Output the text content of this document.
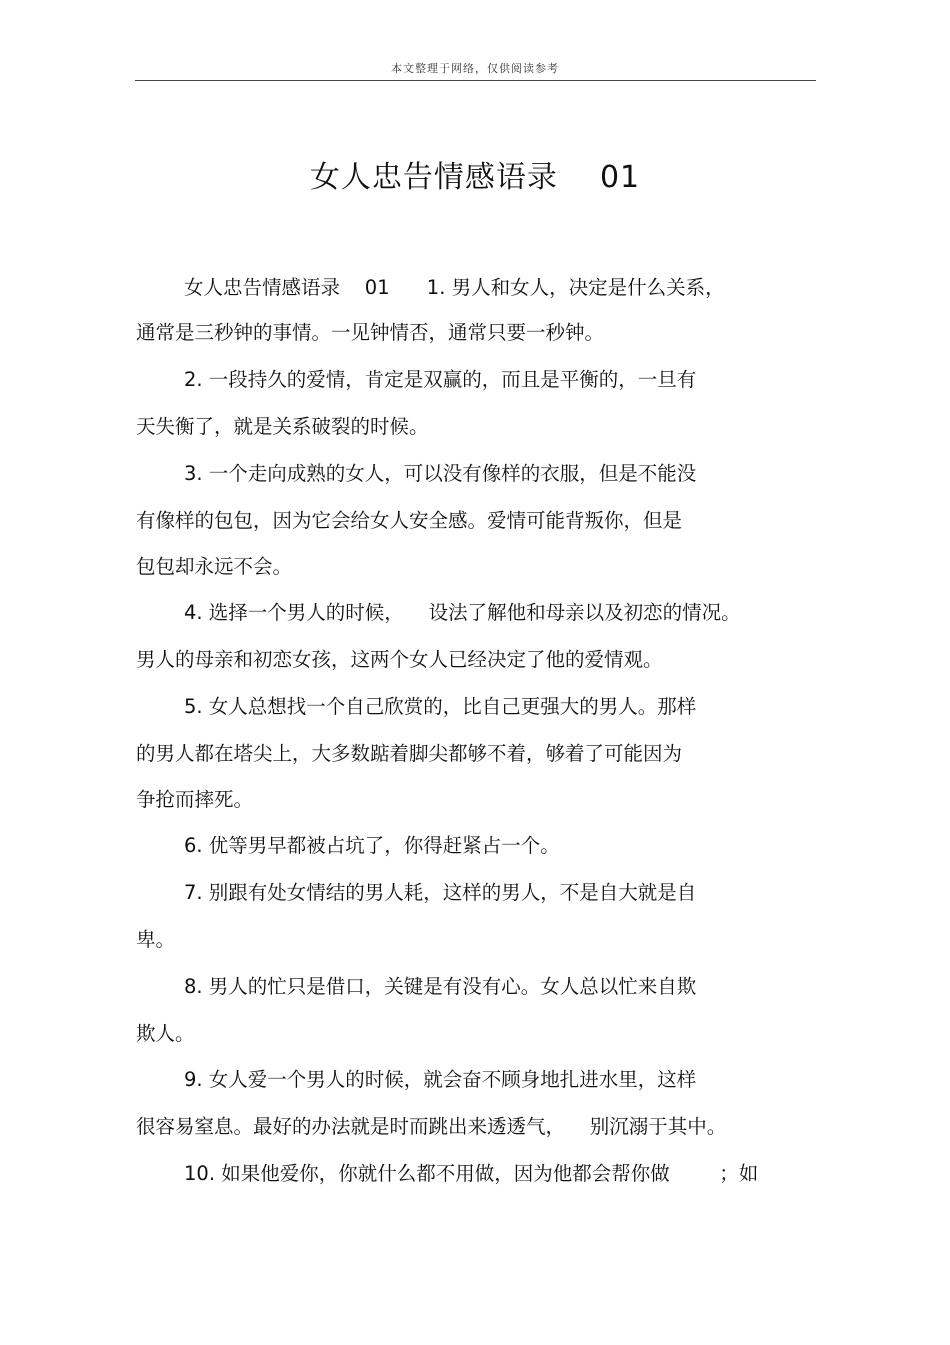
本文整理于网络，仅供阅读参考
女人忠告情感语录    01
女人忠告情感语录    01      1. 男人和女人，决定是什么关系，
通常是三秒钟的事情。一见钟情否，通常只要一秒钟。
2. 一段持久的爱情，肯定是双赢的，而且是平衡的，一旦有
天失衡了，就是关系破裂的时候。
3. 一个走向成熟的女人，可以没有像样的衣服，但是不能没
有像样的包包，因为它会给女人安全感。爱情可能背叛你，但是
包包却永远不会。
4. 选择一个男人的时候，    设法了解他和母亲以及初恋的情况。
男人的母亲和初恋女孩，这两个女人已经决定了他的爱情观。
5. 女人总想找一个自己欣赏的，比自己更强大的男人。那样
的男人都在塔尖上，大多数踮着脚尖都够不着，够着了可能因为
争抢而摔死。
6. 优等男早都被占坑了，你得赶紧占一个。
7. 别跟有处女情结的男人耗，这样的男人，不是自大就是自
卑。
8. 男人的忙只是借口，关键是有没有心。女人总以忙来自欺
欺人。
9. 女人爱一个男人的时候，就会奋不顾身地扎进水里，这样
很容易窒息。最好的办法就是时而跳出来透透气，    别沉溺于其中。
10. 如果他爱你，你就什么都不用做，因为他都会帮你做        ；如
